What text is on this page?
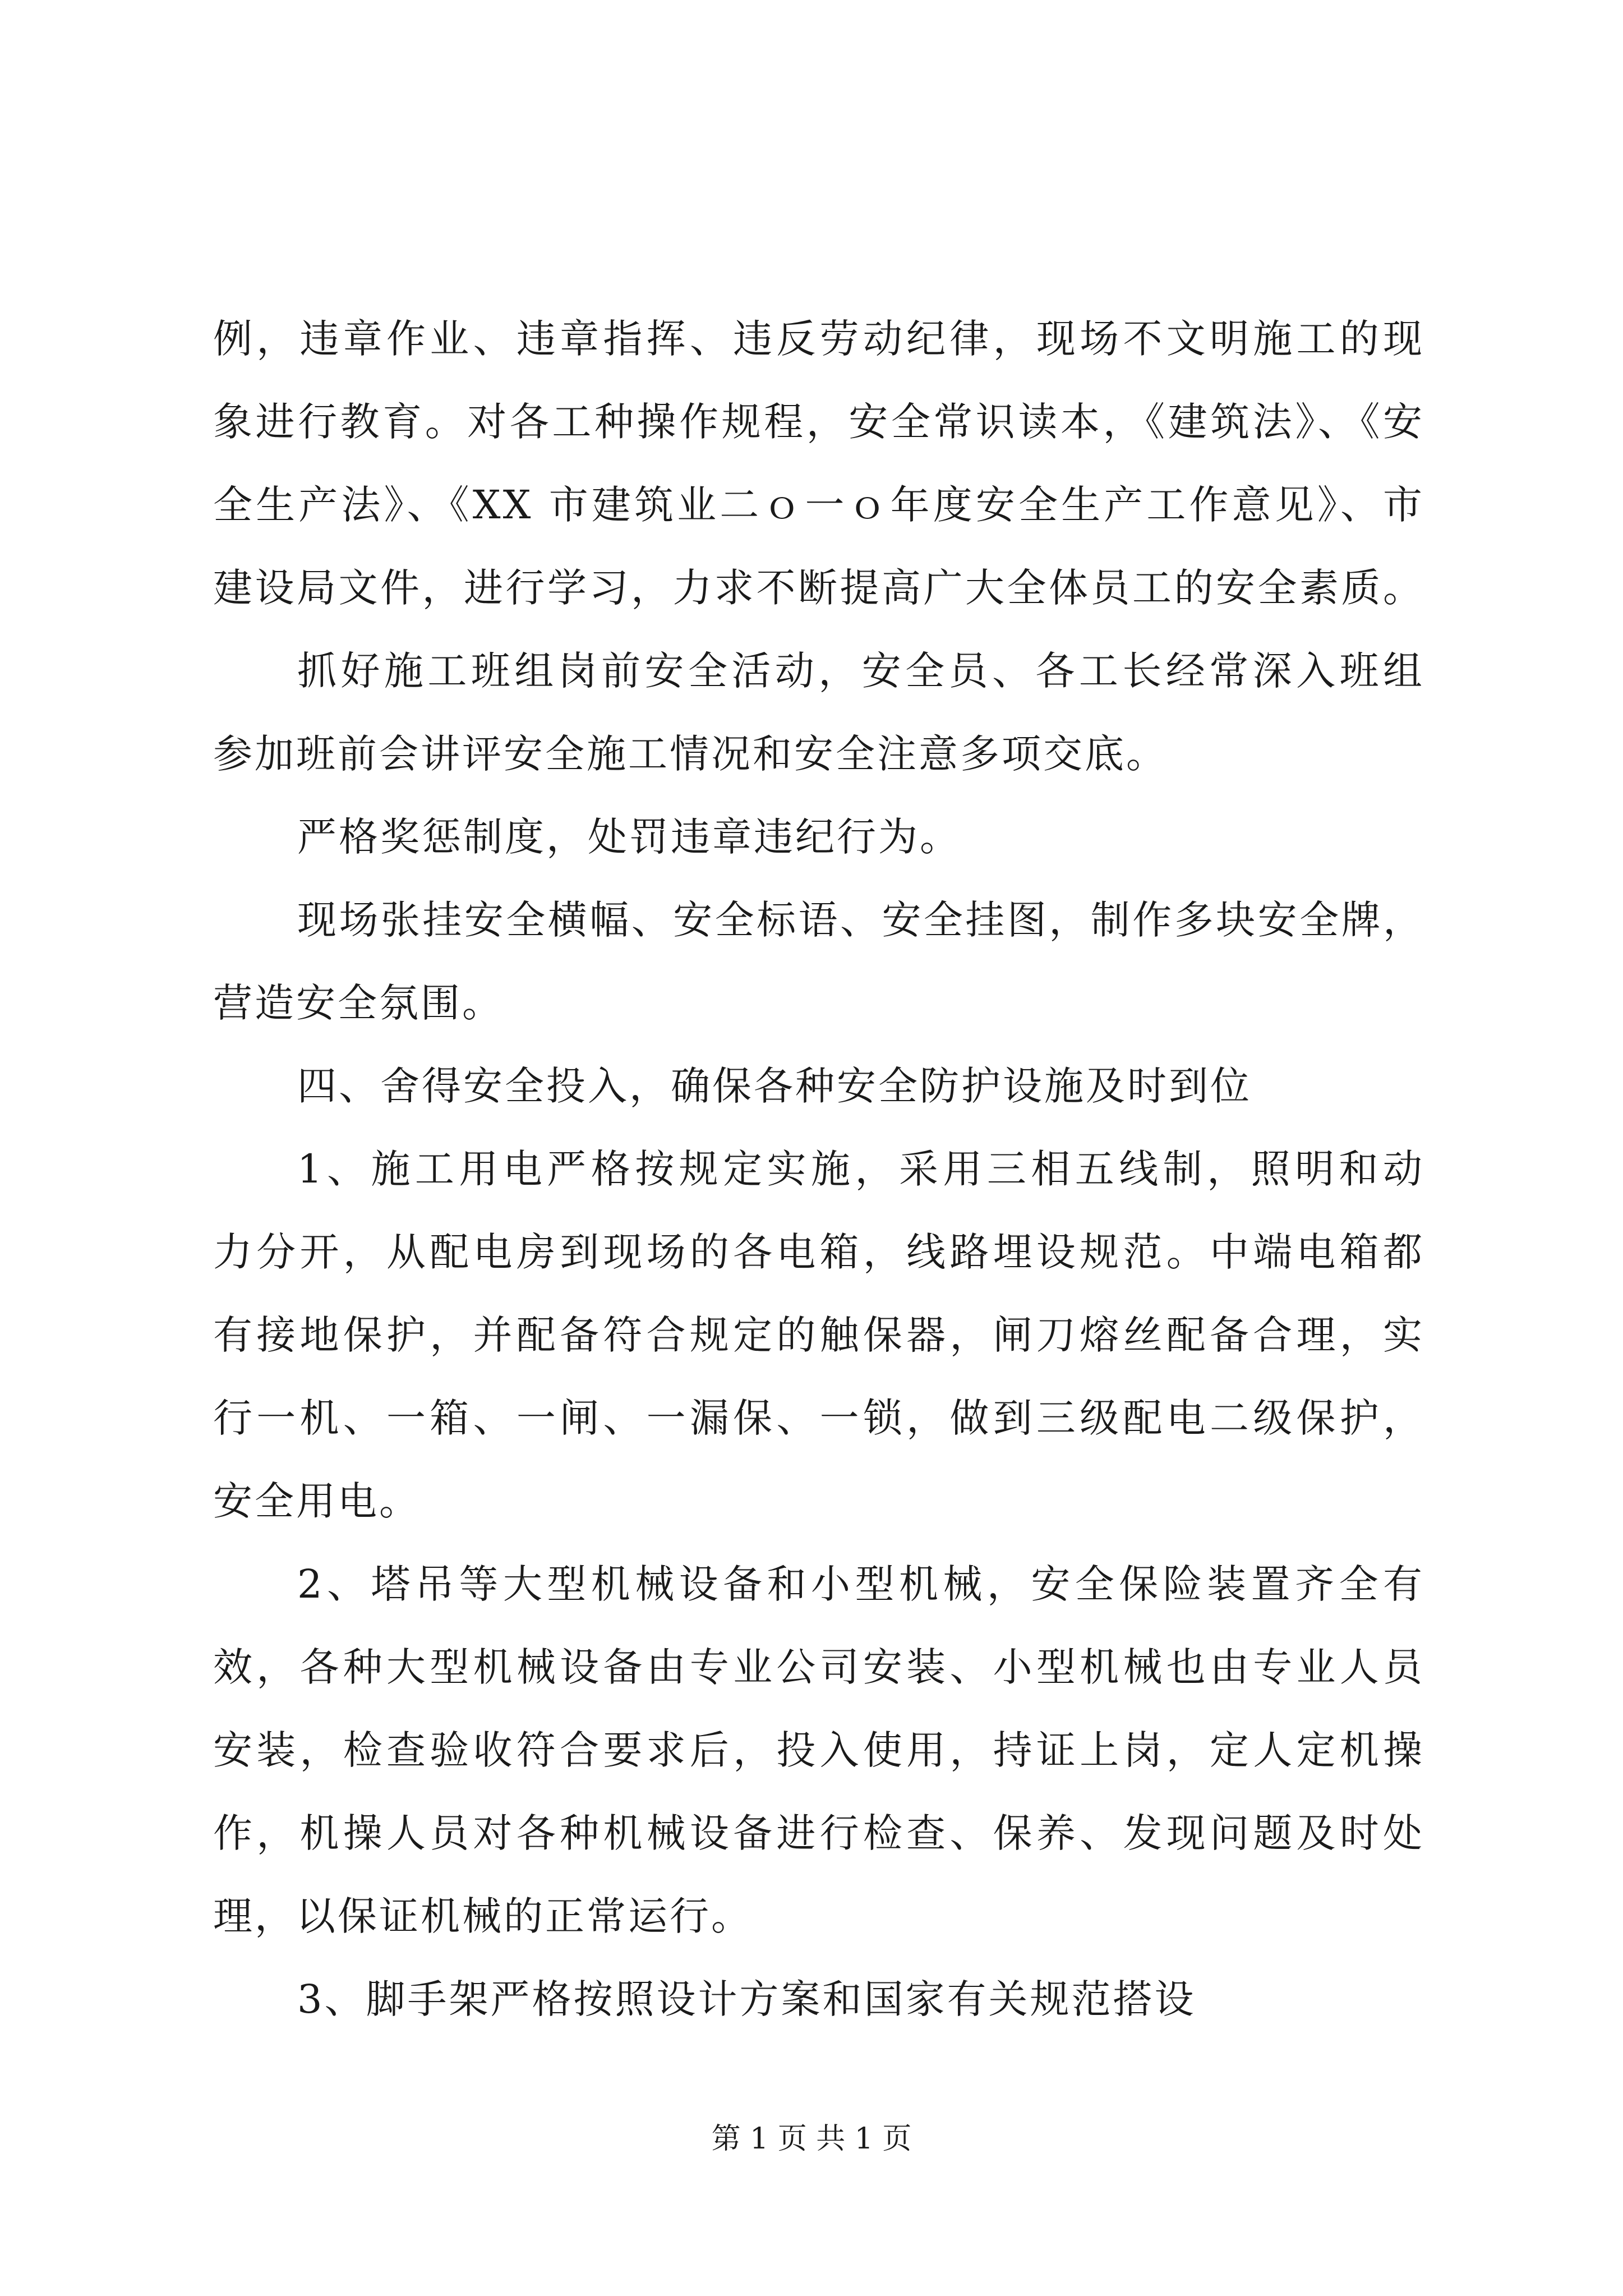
例，违章作业、违章指挥、违反劳动纪律，现场不文明施工的现
象进行教育。对各工种操作规程，安全常识读本，《建筑法》、《安
全生产法》、《XX 市建筑业二ｏ一ｏ年度安全生产工作意见》、市
建设局文件，进行学习，力求不断提高广大全体员工的安全素质。

抓好施工班组岗前安全活动，安全员、各工长经常深入班组
参加班前会讲评安全施工情况和安全注意多项交底。

严格奖惩制度，处罚违章违纪行为。

现场张挂安全横幅、安全标语、安全挂图，制作多块安全牌，
营造安全氛围。

四、舍得安全投入，确保各种安全防护设施及时到位

1、施工用电严格按规定实施，采用三相五线制，照明和动
力分开，从配电房到现场的各电箱，线路埋设规范。中端电箱都
有接地保护，并配备符合规定的触保器，闸刀熔丝配备合理，实
行一机、一箱、一闸、一漏保、一锁，做到三级配电二级保护，
安全用电。

2、塔吊等大型机械设备和小型机械，安全保险装置齐全有
效，各种大型机械设备由专业公司安装、小型机械也由专业人员
安装，检查验收符合要求后，投入使用，持证上岗，定人定机操
作，机操人员对各种机械设备进行检查、保养、发现问题及时处
理，以保证机械的正常运行。

3、脚手架严格按照设计方案和国家有关规范搭设

第 1 页 共 1 页
